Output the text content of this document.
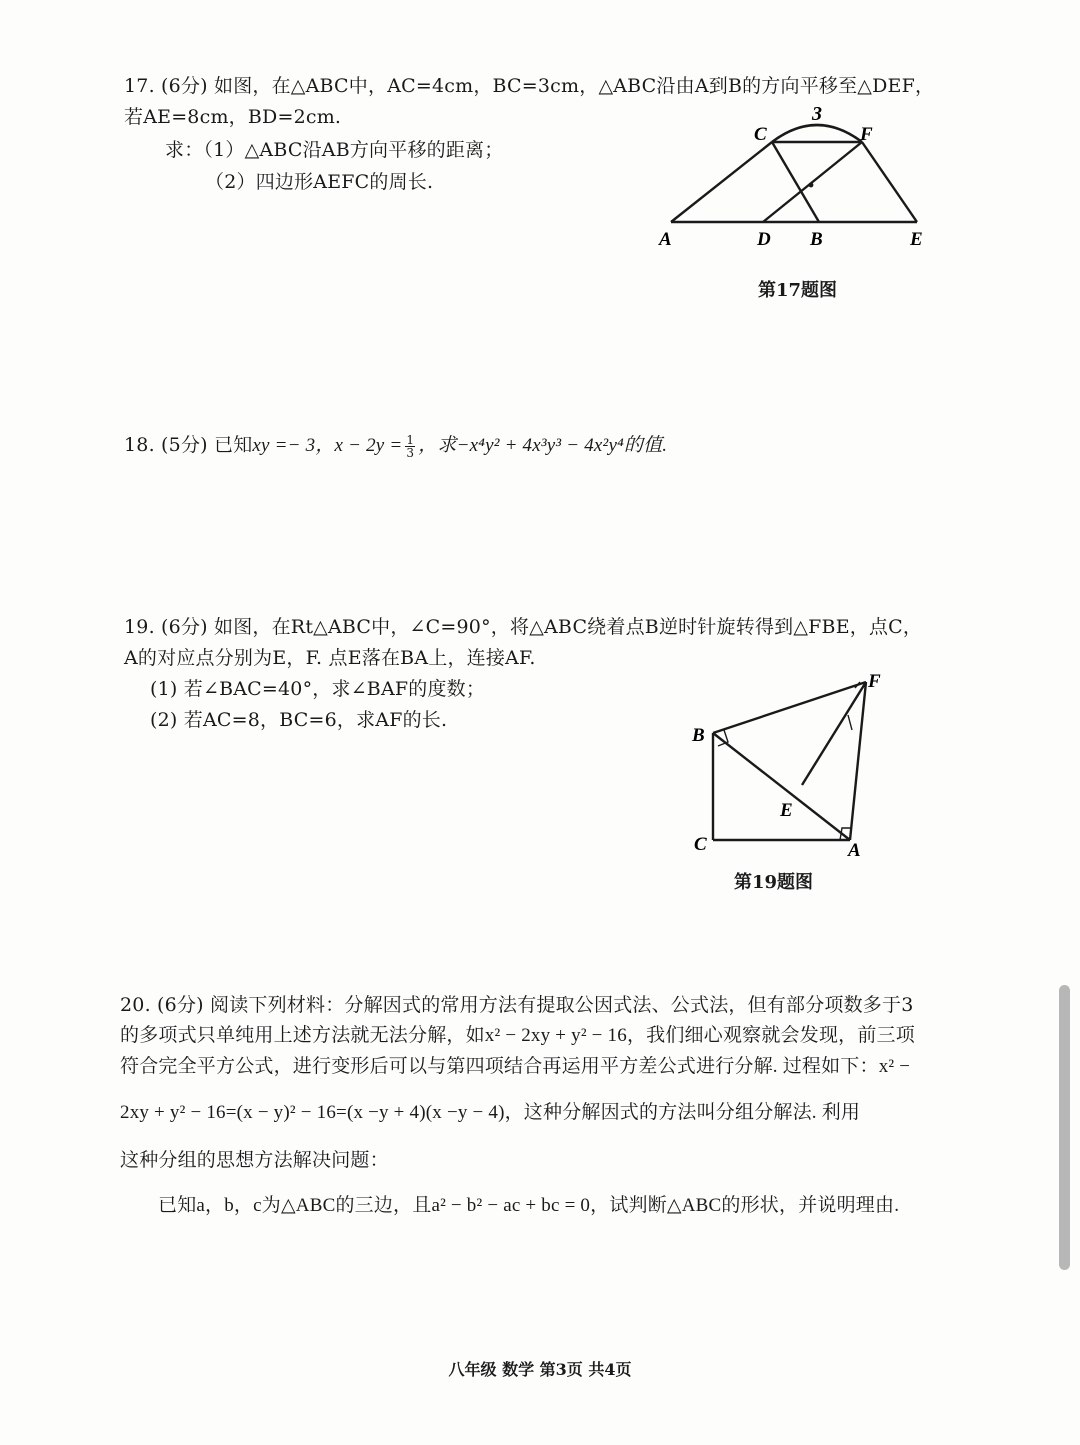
17. (6分) 如图，在△ABC中，AC=4cm，BC=3cm，△ABC沿由A到B的方向平移至△DEF，
若AE=8cm，BD=2cm.
求：（1）△ABC沿AB方向平移的距离；
（2）四边形AEFC的周长.
A	D B	E
C	F
3
第17题图
18. (5分) 已知xy =− 3，$x - 2y = \frac{1}{3}$ ，求−x⁴y² + 4x³y³ − 4x²y⁴的值.
19. (6分) 如图，在Rt△ABC中，∠C=90°，将△ABC绕着点B逆时针旋转得到△FBE，点C，
A的对应点分别为E，F. 点E落在BA上，连接AF.
(1) 若∠BAC=40°，求∠BAF的度数；
(2) 若AC=8，BC=6，求AF的长.
B
F
E
C	A
第19题图
20. (6分) 阅读下列材料：分解因式的常用方法有提取公因式法、公式法，但有部分项数多于3
的多项式只单纯用上述方法就无法分解，如x² − 2xy + y² − 16，我们细心观察就会发现，前三项
符合完全平方公式，进行变形后可以与第四项结合再运用平方差公式进行分解. 过程如下：x² −
2xy + y² − 16=(x − y)² − 16=(x −y + 4)(x −y − 4)，这种分解因式的方法叫分组分解法. 利用
这种分组的思想方法解决问题：
已知a，b，c为△ABC的三边，且a² − b² − ac + bc = 0，试判断△ABC的形状，并说明理由.
八年级 数学 第3页 共4页
